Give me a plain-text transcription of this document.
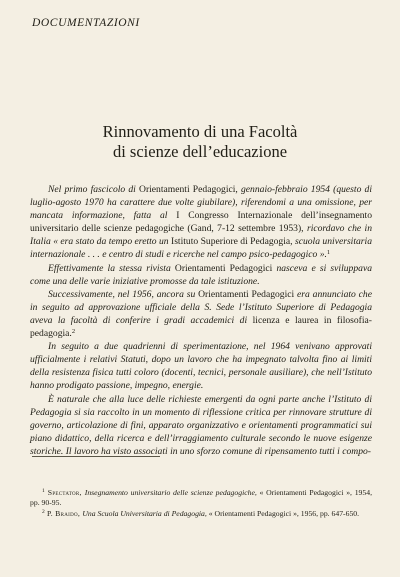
DOCUMENTAZIONI
Rinnovamento di una Facoltà
di scienze dell’educazione

Nel primo fascicolo di Orientamenti Pedagogici, gennaio-febbraio 1954 (questo di luglio-agosto 1970 ha carattere due volte giubilare), riferendomi a una omissione, per mancata informazione, fatta al I Congresso Internazionale dell’insegnamento universitario delle scienze pedagogiche (Gand, 7-12 settembre 1953), ricordavo che in Italia « era stato da tempo eretto un Istituto Superiore di Pedagogia, scuola universitaria internazionale . . . e centro di studi e ricerche nel campo psico-pedagogico ».$^1$

Effettivamente la stessa rivista Orientamenti Pedagogici nasceva e si sviluppava come una delle varie iniziative promosse da tale istituzione.

Successivamente, nel 1956, ancora su Orientamenti Pedagogici era annunciato che in seguito ad approvazione ufficiale della S. Sede l’Istituto Superiore di Pedagogia aveva la facoltà di conferire i gradi accademici di licenza e laurea in filosofia-pedagogia.$^2$

In seguito a due quadrienni di sperimentazione, nel 1964 venivano approvati ufficialmente i relativi Statuti, dopo un lavoro che ha impegnato talvolta fino ai limiti della resistenza fisica tutti coloro (docenti, tecnici, personale ausiliare), che nell’Istituto hanno prodigato passione, impegno, energie.

È naturale che alla luce delle richieste emergenti da ogni parte anche l’Istituto di Pedagogia si sia raccolto in un momento di riflessione critica per rinnovare strutture di governo, articolazione di fini, apparato organizzativo e orientamenti programmatici sui piano didattico, della ricerca e dell’irraggiamento culturale secondo le nuove esigenze storiche. Il lavoro ha visto associati in uno sforzo comune di ripensamento tutti i compo-

$^1$ Spectator, Insegnamento universitario delle scienze pedagogiche, « Orientamenti Pedagogici », 1954, pp. 90-95.

$^2$ P. Braido, Una Scuola Universitaria di Pedagogia, « Orientamenti Pedagogici », 1956, pp. 647-650.
